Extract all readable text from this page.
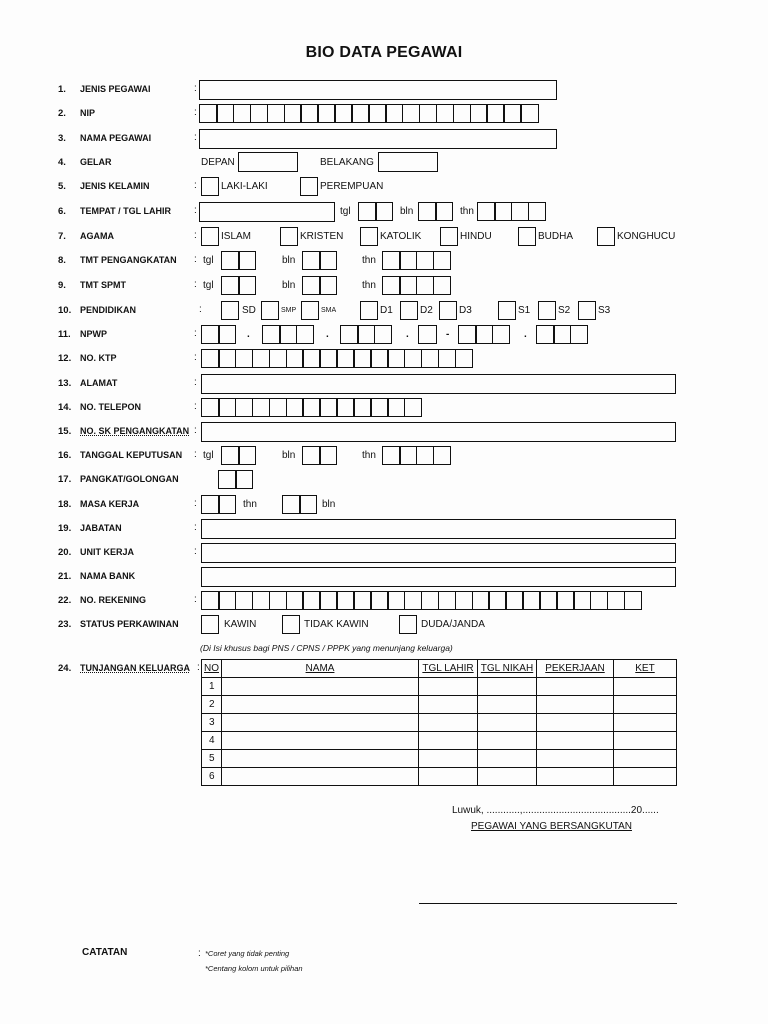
BIO DATA PEGAWAI
1. JENIS PEGAWAI	:
2. NIP	:
3. NAMA PEGAWAI	:
4. GELAR	DEPAN	BELAKANG
5. JENIS KELAMIN	: LAKI-LAKI	PEREMPUAN
6. TEMPAT / TGL LAHIR :	tgl	bln	thn
7. AGAMA	: ISLAM	KRISTEN	KATOLIK	HINDU	BUDHA	KONGHUCU
8. TMT PENGANGKATAN : tgl	bln	thn
9. TMT SPMT	: tgl	bln	thn
10. PENDIDIKAN	:	SD	SMP	SMA	D1	D2	D3	S1	S2	S3
11. NPWP	:	.	.	.	-	.
12. NO. KTP	:
13. ALAMAT	:
14. NO. TELEPON	:
15. NO. SK PENGANGKATAN :
16. TANGGAL KEPUTUSAN : tgl	bln	thn
17. PANGKAT/GOLONGAN
18. MASA KERJA	:	thn	bln
19. JABATAN	:
20. UNIT KERJA	:
21. NAMA BANK
22. NO. REKENING	:
23. STATUS PERKAWINAN	KAWIN	TIDAK KAWIN	DUDA/JANDA
(Di Isi khusus bagi PNS / CPNS / PPPK yang menunjang keluarga)
24. TUNJANGAN KELUARGA : NO	NAMA	TGL LAHIR	TGL NIKAH	PEKERJAAN	KET
1					
2					
3					
4					
5					
6					
Luwuk, ............,.......................................20......
PEGAWAI YANG BERSANGKUTAN
CATATAN	: *Coret yang tidak penting
*Centang kolom untuk pilihan
